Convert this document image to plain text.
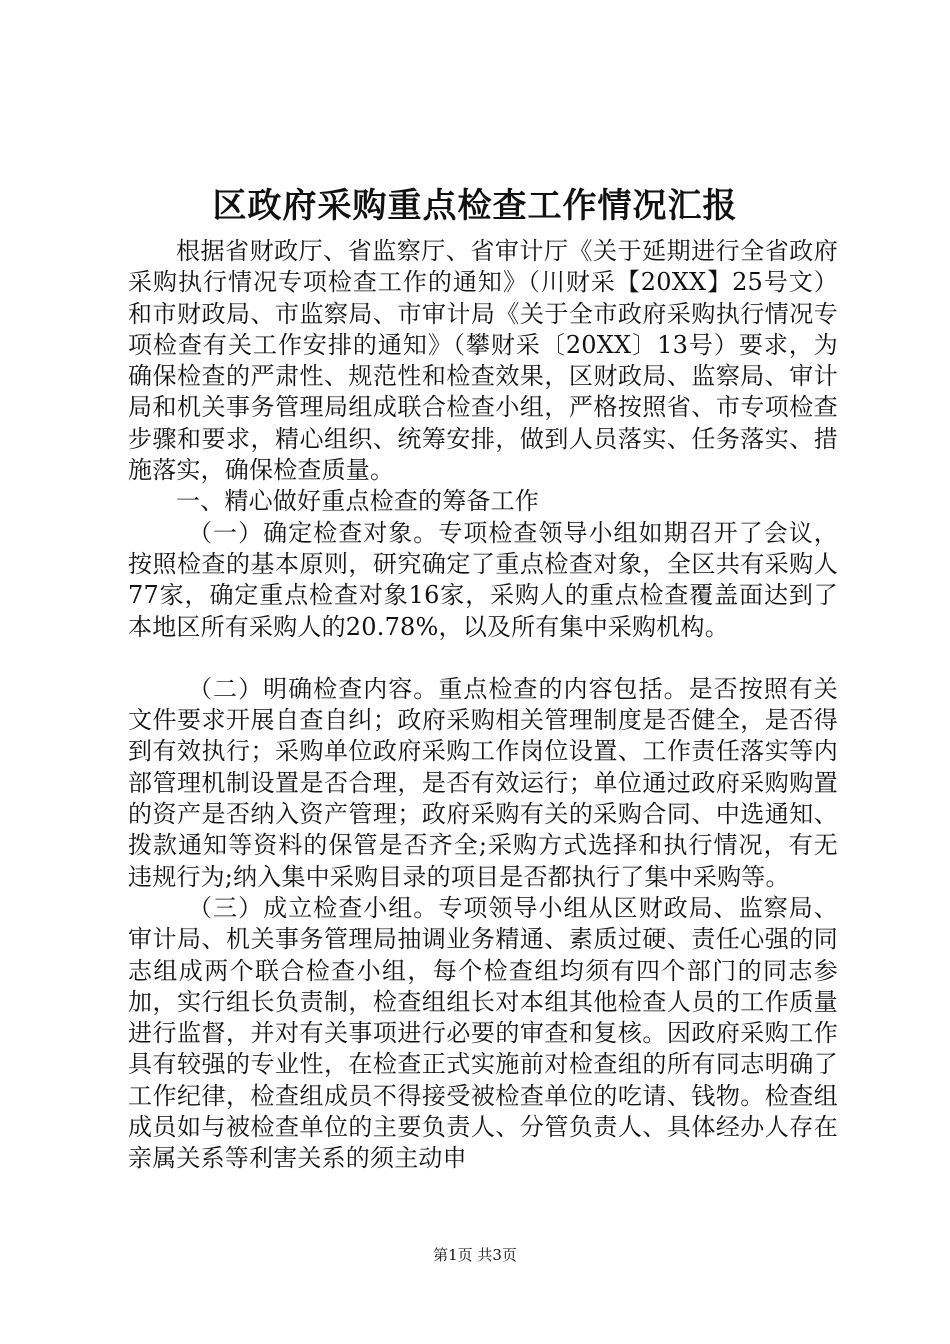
区政府采购重点检查工作情况汇报

根据省财政厅、省监察厅、省审计厅《关于延期进行全省政府采购执行情况专项检查工作的通知》（川财采【20XX】25号文）和市财政局、市监察局、市审计局《关于全市政府采购执行情况专项检查有关工作安排的通知》（攀财采〔20XX〕13号）要求，为确保检查的严肃性、规范性和检查效果，区财政局、监察局、审计局和机关事务管理局组成联合检查小组，严格按照省、市专项检查步骤和要求，精心组织、统筹安排，做到人员落实、任务落实、措施落实，确保检查质量。

一、精心做好重点检查的筹备工作

（一）确定检查对象。专项检查领导小组如期召开了会议，按照检查的基本原则，研究确定了重点检查对象，全区共有采购人77家，确定重点检查对象16家，采购人的重点检查覆盖面达到了本地区所有采购人的20.78%，以及所有集中采购机构。

（二）明确检查内容。重点检查的内容包括。是否按照有关文件要求开展自查自纠；政府采购相关管理制度是否健全，是否得到有效执行；采购单位政府采购工作岗位设置、工作责任落实等内部管理机制设置是否合理，是否有效运行；单位通过政府采购购置的资产是否纳入资产管理；政府采购有关的采购合同、中选通知、拨款通知等资料的保管是否齐全;采购方式选择和执行情况，有无违规行为;纳入集中采购目录的项目是否都执行了集中采购等。

（三）成立检查小组。专项领导小组从区财政局、监察局、审计局、机关事务管理局抽调业务精通、素质过硬、责任心强的同志组成两个联合检查小组，每个检查组均须有四个部门的同志参加，实行组长负责制，检查组组长对本组其他检查人员的工作质量进行监督，并对有关事项进行必要的审查和复核。因政府采购工作具有较强的专业性，在检查正式实施前对检查组的所有同志明确了工作纪律，检查组成员不得接受被检查单位的吃请、钱物。检查组成员如与被检查单位的主要负责人、分管负责人、具体经办人存在亲属关系等利害关系的须主动申

第1页 共3页
